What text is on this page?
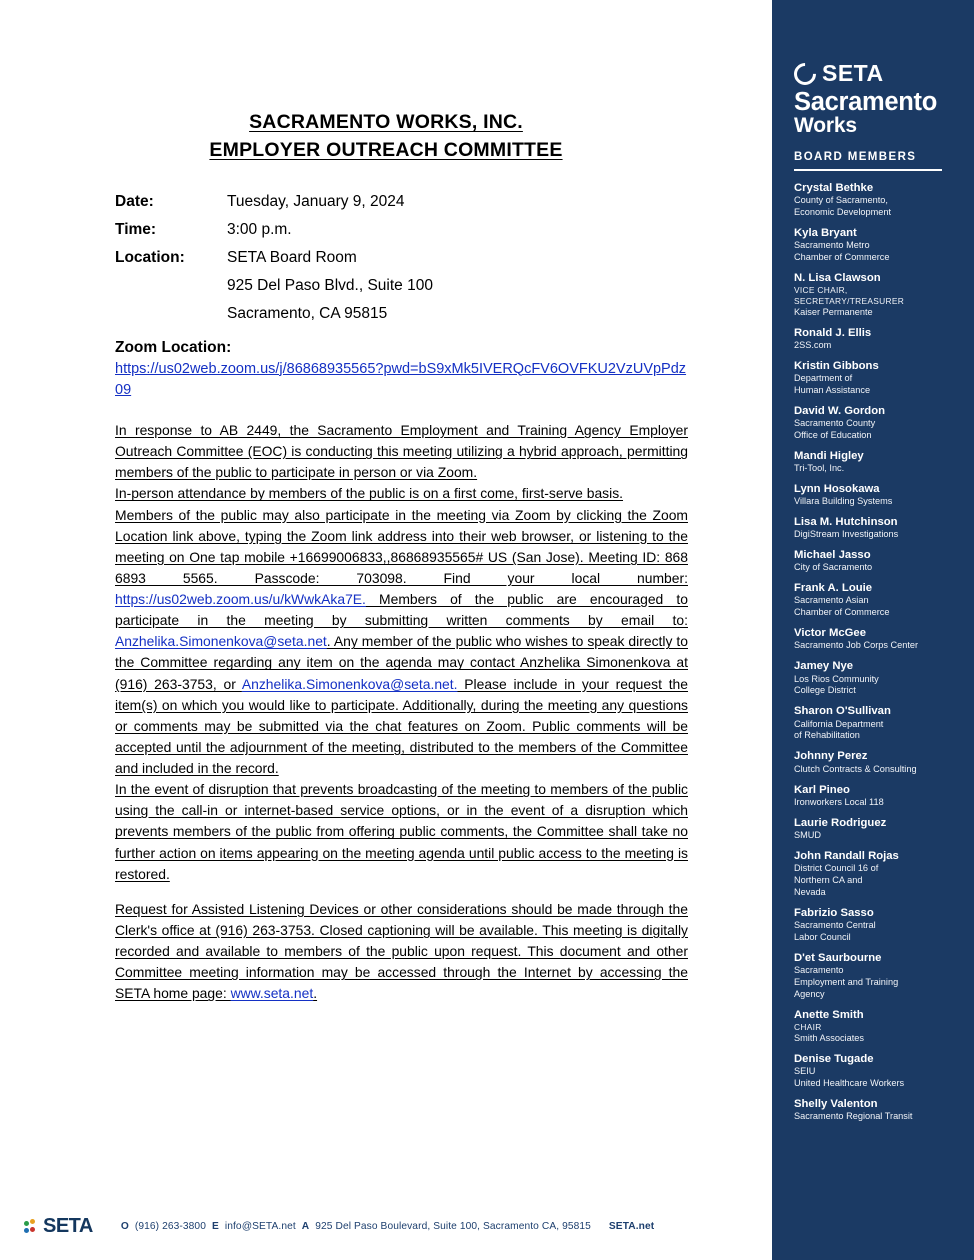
SACRAMENTO WORKS, INC.
EMPLOYER OUTREACH COMMITTEE
Date:	Tuesday, January 9, 2024
Time:	3:00 p.m.
Location:	SETA Board Room
925 Del Paso Blvd., Suite 100
Sacramento, CA 95815
Zoom Location:
https://us02web.zoom.us/j/86868935565?pwd=bS9xMk5IVERQcFV6OVFKU2VzUVpPdz09

In response to AB 2449, the Sacramento Employment and Training Agency Employer Outreach Committee (EOC) is conducting this meeting utilizing a hybrid approach, permitting members of the public to participate in person or via Zoom.

In-person attendance by members of the public is on a first come, first-serve basis.

Members of the public may also participate in the meeting via Zoom by clicking the Zoom Location link above, typing the Zoom link address into their web browser, or listening to the meeting on One tap mobile +16699006833,,86868935565# US (San Jose). Meeting ID: 868 6893 5565. Passcode: 703098. Find your local number: https://us02web.zoom.us/u/kWwkAka7E. Members of the public are encouraged to participate in the meeting by submitting written comments by email to: Anzhelika.Simonenkova@seta.net. Any member of the public who wishes to speak directly to the Committee regarding any item on the agenda may contact Anzhelika Simonenkova at (916) 263-3753, or Anzhelika.Simonenkova@seta.net. Please include in your request the item(s) on which you would like to participate. Additionally, during the meeting any questions or comments may be submitted via the chat features on Zoom. Public comments will be accepted until the adjournment of the meeting, distributed to the members of the Committee and included in the record.

In the event of disruption that prevents broadcasting of the meeting to members of the public using the call-in or internet-based service options, or in the event of a disruption which prevents members of the public from offering public comments, the Committee shall take no further action on items appearing on the meeting agenda until public access to the meeting is restored.

Request for Assisted Listening Devices or other considerations should be made through the Clerk's office at (916) 263-3753. Closed captioning will be available. This meeting is digitally recorded and available to members of the public upon request. This document and other Committee meeting information may be accessed through the Internet by accessing the SETA home page: www.seta.net.

SETA	O (916) 263-3800 E info@SETA.net A 925 Del Paso Boulevard, Suite 100, Sacramento CA, 95815 SETA.net
SETA
Sacramento
Works
BOARD MEMBERS
Crystal Bethke
County of Sacramento,
Economic Development
Kyla Bryant
Sacramento Metro
Chamber of Commerce
N. Lisa Clawson
VICE CHAIR,
SECRETARY/TREASURER
Kaiser Permanente
Ronald J. Ellis
2SS.com
Kristin Gibbons
Department of
Human Assistance
David W. Gordon
Sacramento County
Office of Education
Mandi Higley
Tri-Tool, Inc.
Lynn Hosokawa
Villara Building Systems
Lisa M. Hutchinson
DigiStream Investigations
Michael Jasso
City of Sacramento
Frank A. Louie
Sacramento Asian
Chamber of Commerce
Victor McGee
Sacramento Job Corps Center
Jamey Nye
Los Rios Community
College District
Sharon O'Sullivan
California Department
of Rehabilitation
Johnny Perez
Clutch Contracts & Consulting
Karl Pineo
Ironworkers Local 118
Laurie Rodriguez
SMUD
John Randall Rojas
District Council 16 of
Northern CA and
Nevada
Fabrizio Sasso
Sacramento Central
Labor Council
D'et Saurbourne
Sacramento
Employment and Training
Agency
Anette Smith
CHAIR
Smith Associates
Denise Tugade
SEIU
United Healthcare Workers
Shelly Valenton
Sacramento Regional Transit
